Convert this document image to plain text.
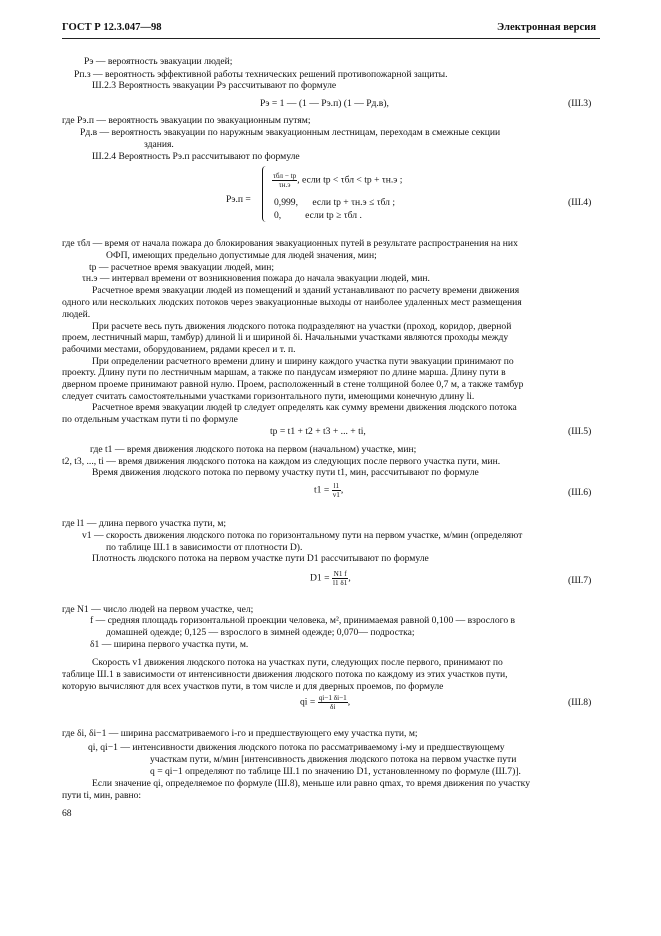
ГОСТ Р 12.3.047—98	Электронная версия
Pэ — вероятность эвакуации людей;
Pп.з — вероятность эффективной работы технических решений противопожарной защиты.
Ш.2.3 Вероятность эвакуации Pэ рассчитывают по формуле
где Pэ.п — вероятность эвакуации по эвакуационным путям;
Pд.в — вероятность эвакуации по наружным эвакуационным лестницам, переходам в смежные секции
здания.
Ш.2.4 Вероятность Pэ.п рассчитывают по формуле
где τбл — время от начала пожара до блокирования эвакуационных путей в результате распространения на них
ОФП, имеющих предельно допустимые для людей значения, мин;
tр — расчетное время эвакуации людей, мин;
τн.э — интервал времени от возникновения пожара до начала эвакуации людей, мин.
Расчетное время эвакуации людей из помещений и зданий устанавливают по расчету времени движения
одного или нескольких людских потоков через эвакуационные выходы от наиболее удаленных мест размещения
людей.
При расчете весь путь движения людского потока подразделяют на участки (проход, коридор, дверной
проем, лестничный марш, тамбур) длиной li и шириной δi. Начальными участками являются проходы между
рабочими местами, оборудованием, рядами кресел и т. п.
При определении расчетного времени длину и ширину каждого участка пути эвакуации принимают по
проекту. Длину пути по лестничным маршам, а также по пандусам измеряют по длине марша. Длину пути в
дверном проеме принимают равной нулю. Проем, расположенный в стене толщиной более 0,7 м, а также тамбур
следует считать самостоятельными участками горизонтального пути, имеющими конечную длину li.
Расчетное время эвакуации людей tр следует определять как сумму времени движения людского потока
по отдельным участкам пути ti по формуле
где t1 — время движения людского потока на первом (начальном) участке, мин;
t2, t3, ..., ti — время движения людского потока на каждом из следующих после первого участка пути, мин.
Время движения людского потока по первому участку пути t1, мин, рассчитывают по формуле
где l1 — длина первого участка пути, м;
v1 — скорость движения людского потока по горизонтальному пути на первом участке, м/мин (определяют
по таблице Ш.1 в зависимости от плотности D).
Плотность людского потока на первом участке пути D1 рассчитывают по формуле
где N1 — число людей на первом участке, чел;
f — средняя площадь горизонтальной проекции человека, м², принимаемая равной 0,100 — взрослого в
домашней одежде; 0,125 — взрослого в зимней одежде; 0,070— подростка;
δ1 — ширина первого участка пути, м.
Скорость v1 движения людского потока на участках пути, следующих после первого, принимают по
таблице Ш.1 в зависимости от интенсивности движения людского потока по каждому из этих участков пути,
которую вычисляют для всех участков пути, в том числе и для дверных проемов, по формуле
где δi, δi−1 — ширина рассматриваемого i-го и предшествующего ему участка пути, м;
qi, qi−1 — интенсивности движения людского потока по рассматриваемому i-му и предшествующему
участкам пути, м/мин [интенсивность движения людского потока на первом участке пути
q = qi−1 определяют по таблице Ш.1 по значению D1, установленному по формуле (Ш.7)].
Если значение qi, определяемое по формуле (Ш.8), меньше или равно qmax, то время движения по участку
пути ti, мин, равно:
Pэ = 1 — (1 — Pэ.п) (1 — Pд.в),	(Ш.3)
Pэ.п =
$\frac{\text{τбл − tр}}{\tau н.э}$ , если tр < τбл < tр + τн.э ;
0,999,      если tр + τн.э ≤ τбл ;
0,          если tр ≥ τбл .
(Ш.4)
tр = t1 + t2 + t3 + ... + ti,	(Ш.5)
$t1 = \frac{l1}{v1}$ ,	(Ш.6)
$D1 = \frac{N1 f}{l1 \delta 1}$ ,	(Ш.7)
qi = $\frac{qi-1 \delta i-1}{\delta i}$ ,	(Ш.8)
68
